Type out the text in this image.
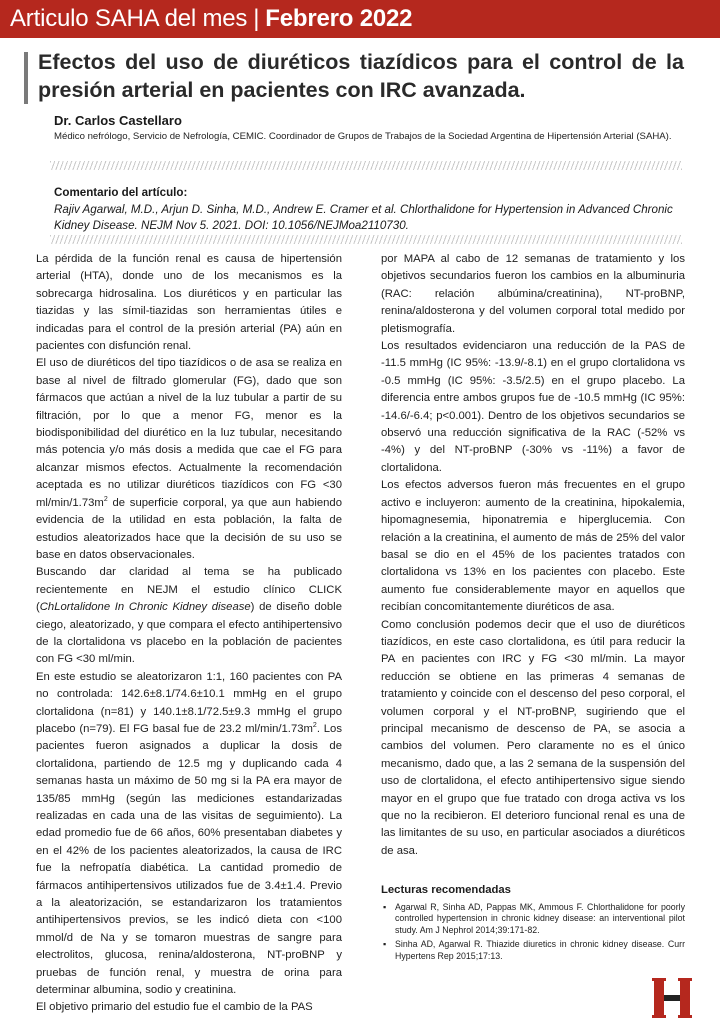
Articulo SAHA del mes | Febrero 2022
Efectos del uso de diuréticos tiazídicos para el control de la presión arterial en pacientes con IRC avanzada.
Dr. Carlos Castellaro
Médico nefrólogo, Servicio de Nefrología, CEMIC. Coordinador de Grupos de Trabajos de la Sociedad Argentina de Hipertensión Arterial (SAHA).
Comentario del artículo:
Rajiv Agarwal, M.D., Arjun D. Sinha, M.D., Andrew E. Cramer et al. Chlorthalidone for Hypertension in Advanced Chronic Kidney Disease. NEJM Nov 5. 2021. DOI: 10.1056/NEJMoa2110730.

La pérdida de la función renal es causa de hipertensión arterial (HTA), donde uno de los mecanismos es la sobrecarga hidrosalina. Los diuréticos y en particular las tiazidas y las símil-tiazidas son herramientas útiles e indicadas para el control de la presión arterial (PA) aún en pacientes con disfunción renal.

El uso de diuréticos del tipo tiazídicos o de asa se realiza en base al nivel de filtrado glomerular (FG), dado que son fármacos que actúan a nivel de la luz tubular a partir de su filtración, por lo que a menor FG, menor es la biodisponibilidad del diurético en la luz tubular, necesitando más potencia y/o más dosis a medida que cae el FG para alcanzar mismos efectos. Actualmente la recomendación aceptada es no utilizar diuréticos tiazídicos con FG <30 $ml/\min/1.73m^2$ de superficie corporal, ya que aun habiendo evidencia de la utilidad en esta población, la falta de estudios aleatorizados hace que la decisión de su uso se base en datos observacionales.

Buscando dar claridad al tema se ha publicado recientemente en NEJM el estudio clínico CLICK (ChLortalidone In Chronic Kidney disease) de diseño doble ciego, aleatorizado, y que compara el efecto antihipertensivo de la clortalidona vs placebo en la población de pacientes con FG <30 ml/min.

En este estudio se aleatorizaron 1:1, 160 pacientes con PA no controlada: 142.6±8.1/74.6±10.1 mmHg en el grupo clortalidona (n=81) y 140.1±8.1/72.5±9.3 mmHg el grupo placebo (n=79). El FG basal fue de 23.2 $ml/\min/1.73m^2$. Los pacientes fueron asignados a duplicar la dosis de clortalidona, partiendo de 12.5 mg y duplicando cada 4 semanas hasta un máximo de 50 mg si la PA era mayor de 135/85 mmHg (según las mediciones estandarizadas realizadas en cada una de las visitas de seguimiento). La edad promedio fue de 66 años, 60% presentaban diabetes y en el 42% de los pacientes aleatorizados, la causa de IRC fue la nefropatía diabética. La cantidad promedio de fármacos antihipertensivos utilizados fue de 3.4±1.4. Previo a la aleatorización, se estandarizaron los tratamientos antihipertensivos previos, se les indicó dieta con <100 mmol/d de Na y se tomaron muestras de sangre para electrolitos, glucosa, renina/aldosterona, NT-proBNP y pruebas de función renal, y muestra de orina para determinar albumina, sodio y creatinina.

El objetivo primario del estudio fue el cambio de la PAS

por MAPA al cabo de 12 semanas de tratamiento y los objetivos secundarios fueron los cambios en la albuminuria (RAC: relación albúmina/creatinina), NT-proBNP, renina/aldosterona y del volumen corporal total medido por pletismografía.

Los resultados evidenciaron una reducción de la PAS de -11.5 mmHg (IC 95%: -13.9/-8.1) en el grupo clortalidona vs -0.5 mmHg (IC 95%: -3.5/2.5) en el grupo placebo. La diferencia entre ambos grupos fue de -10.5 mmHg (IC 95%: -14.6/-6.4; p<0.001). Dentro de los objetivos secundarios se observó una reducción significativa de la RAC (-52% vs -4%) y del NT-proBNP (-30% vs -11%) a favor de clortalidona.

Los efectos adversos fueron más frecuentes en el grupo activo e incluyeron: aumento de la creatinina, hipokalemia, hipomagnesemia, hiponatremia e hiperglucemia. Con relación a la creatinina, el aumento de más de 25% del valor basal se dio en el 45% de los pacientes tratados con clortalidona vs 13% en los pacientes con placebo. Este aumento fue considerablemente mayor en aquellos que recibían concomitantemente diuréticos de asa.

Como conclusión podemos decir que el uso de diuréticos tiazídicos, en este caso clortalidona, es útil para reducir la PA en pacientes con IRC y FG <30 ml/min. La mayor reducción se obtiene en las primeras 4 semanas de tratamiento y coincide con el descenso del peso corporal, el volumen corporal y el NT-proBNP, sugiriendo que el principal mecanismo de descenso de PA, se asocia a cambios del volumen. Pero claramente no es el único mecanismo, dado que, a las 2 semana de la suspensión del uso de clortalidona, el efecto antihipertensivo sigue siendo mayor en el grupo que fue tratado con droga activa vs los que no la recibieron. El deterioro funcional renal es una de las limitantes de su uso, en particular asociados a diuréticos de asa.

Lecturas recomendadas

▪ Agarwal R, Sinha AD, Pappas MK, Ammous F. Chlorthalidone for poorly controlled hypertension in chronic kidney disease: an interventional pilot study. Am J Nephrol 2014;39:171-82.
▪ Sinha AD, Agarwal R. Thiazide diuretics in chronic kidney disease. Curr Hypertens Rep 2015;17:13.
